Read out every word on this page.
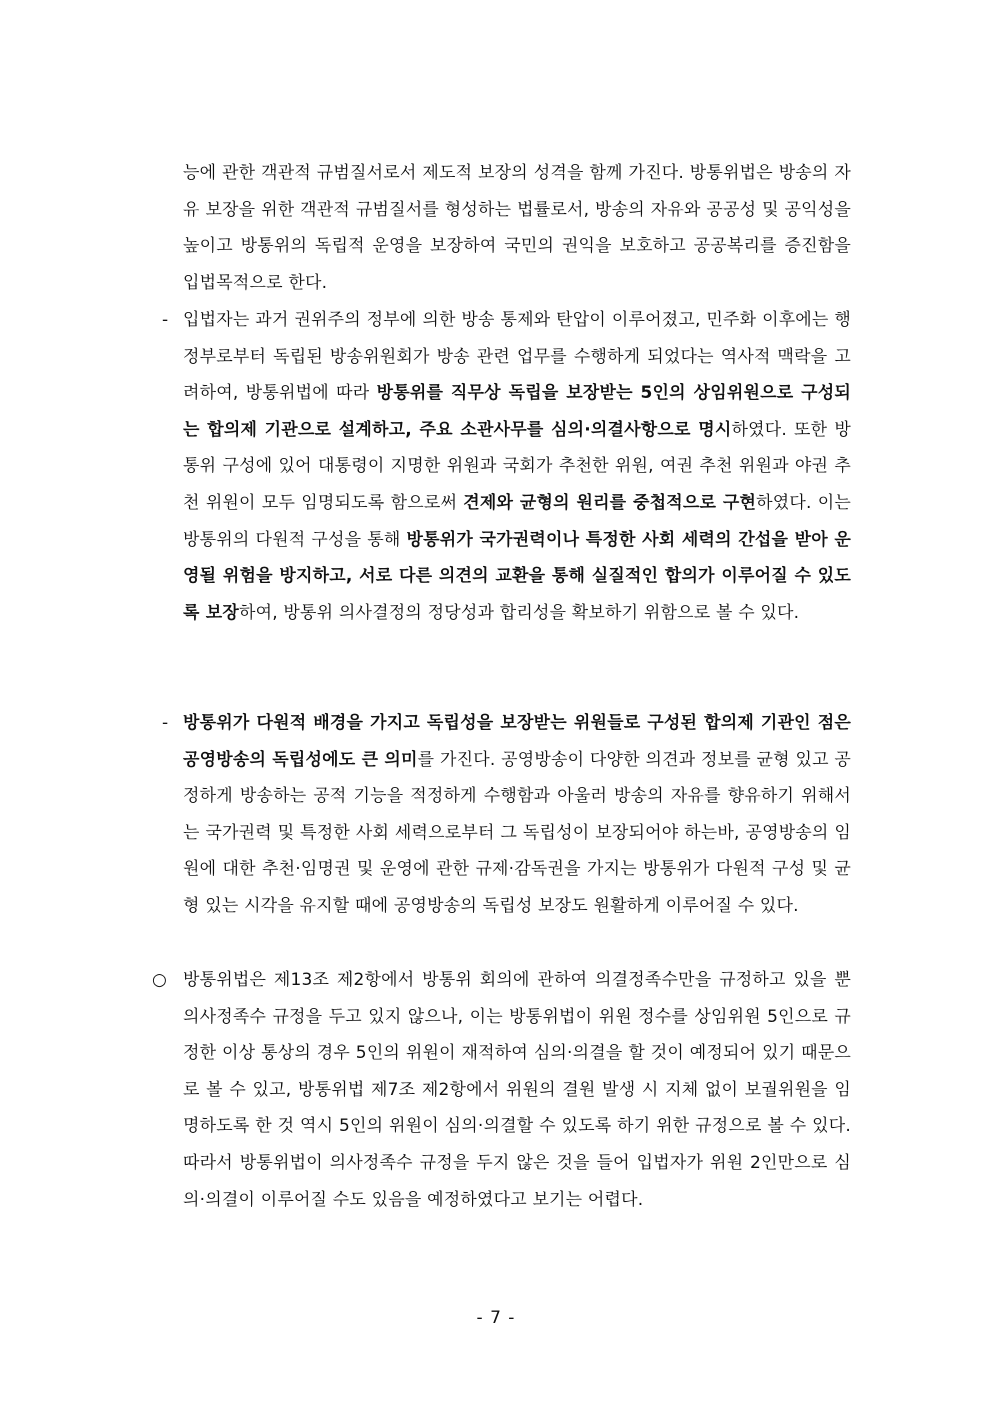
능에 관한 객관적 규범질서로서 제도적 보장의 성격을 함께 가진다. 방통위법은 방송의 자유 보장을 위한 객관적 규범질서를 형성하는 법률로서, 방송의 자유와 공공성 및 공익성을 높이고 방통위의 독립적 운영을 보장하여 국민의 권익을 보호하고 공공복리를 증진함을 입법목적으로 한다.
- 입법자는 과거 권위주의 정부에 의한 방송 통제와 탄압이 이루어졌고, 민주화 이후에는 행정부로부터 독립된 방송위원회가 방송 관련 업무를 수행하게 되었다는 역사적 맥락을 고려하여, 방통위법에 따라 방통위를 직무상 독립을 보장받는 5인의 상임위원으로 구성되는 합의제 기관으로 설계하고, 주요 소관사무를 심의·의결사항으로 명시하였다. 또한 방통위 구성에 있어 대통령이 지명한 위원과 국회가 추천한 위원, 여권 추천 위원과 야권 추천 위원이 모두 임명되도록 함으로써 견제와 균형의 원리를 중첩적으로 구현하였다. 이는 방통위의 다원적 구성을 통해 방통위가 국가권력이나 특정한 사회 세력의 간섭을 받아 운영될 위험을 방지하고, 서로 다른 의견의 교환을 통해 실질적인 합의가 이루어질 수 있도록 보장하여, 방통위 의사결정의 정당성과 합리성을 확보하기 위함으로 볼 수 있다.
- 방통위가 다원적 배경을 가지고 독립성을 보장받는 위원들로 구성된 합의제 기관인 점은 공영방송의 독립성에도 큰 의미를 가진다. 공영방송이 다양한 의견과 정보를 균형 있고 공정하게 방송하는 공적 기능을 적정하게 수행함과 아울러 방송의 자유를 향유하기 위해서는 국가권력 및 특정한 사회 세력으로부터 그 독립성이 보장되어야 하는바, 공영방송의 임원에 대한 추천·임명권 및 운영에 관한 규제·감독권을 가지는 방통위가 다원적 구성 및 균형 있는 시각을 유지할 때에 공영방송의 독립성 보장도 원활하게 이루어질 수 있다.
○ 방통위법은 제13조 제2항에서 방통위 회의에 관하여 의결정족수만을 규정하고 있을 뿐 의사정족수 규정을 두고 있지 않으나, 이는 방통위법이 위원 정수를 상임위원 5인으로 규정한 이상 통상의 경우 5인의 위원이 재적하여 심의·의결을 할 것이 예정되어 있기 때문으로 볼 수 있고, 방통위법 제7조 제2항에서 위원의 결원 발생 시 지체 없이 보궐위원을 임명하도록 한 것 역시 5인의 위원이 심의·의결할 수 있도록 하기 위한 규정으로 볼 수 있다. 따라서 방통위법이 의사정족수 규정을 두지 않은 것을 들어 입법자가 위원 2인만으로 심의·의결이 이루어질 수도 있음을 예정하였다고 보기는 어렵다.
- 7 -
